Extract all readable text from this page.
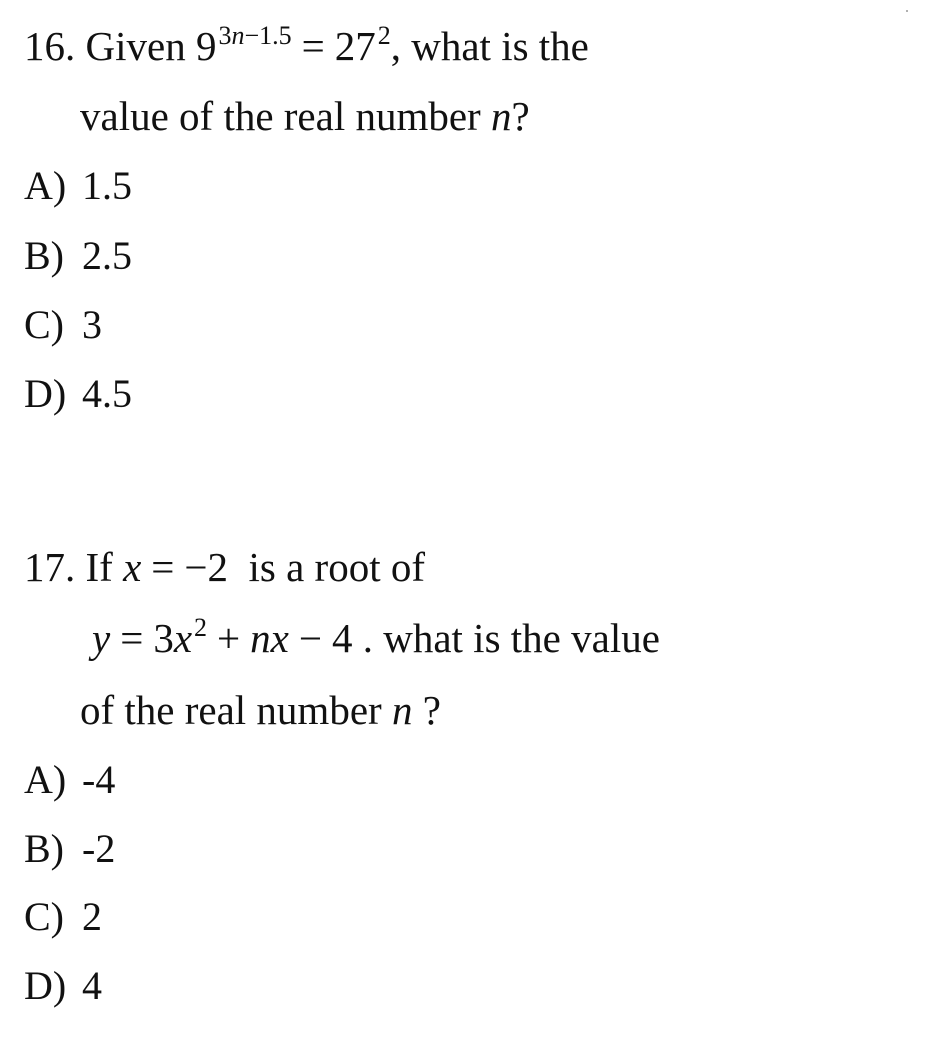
16. Given $9^{3n-1.5} = 27^2$, what is the
value of the real number n?
A) 1.5
B) 2.5
C) 3
D) 4.5
17. If x = −2 is a root of
$y = 3x^2$ + nx − 4 . what is the value
of the real number n ?
A) -4
B) -2
C) 2
D) 4
